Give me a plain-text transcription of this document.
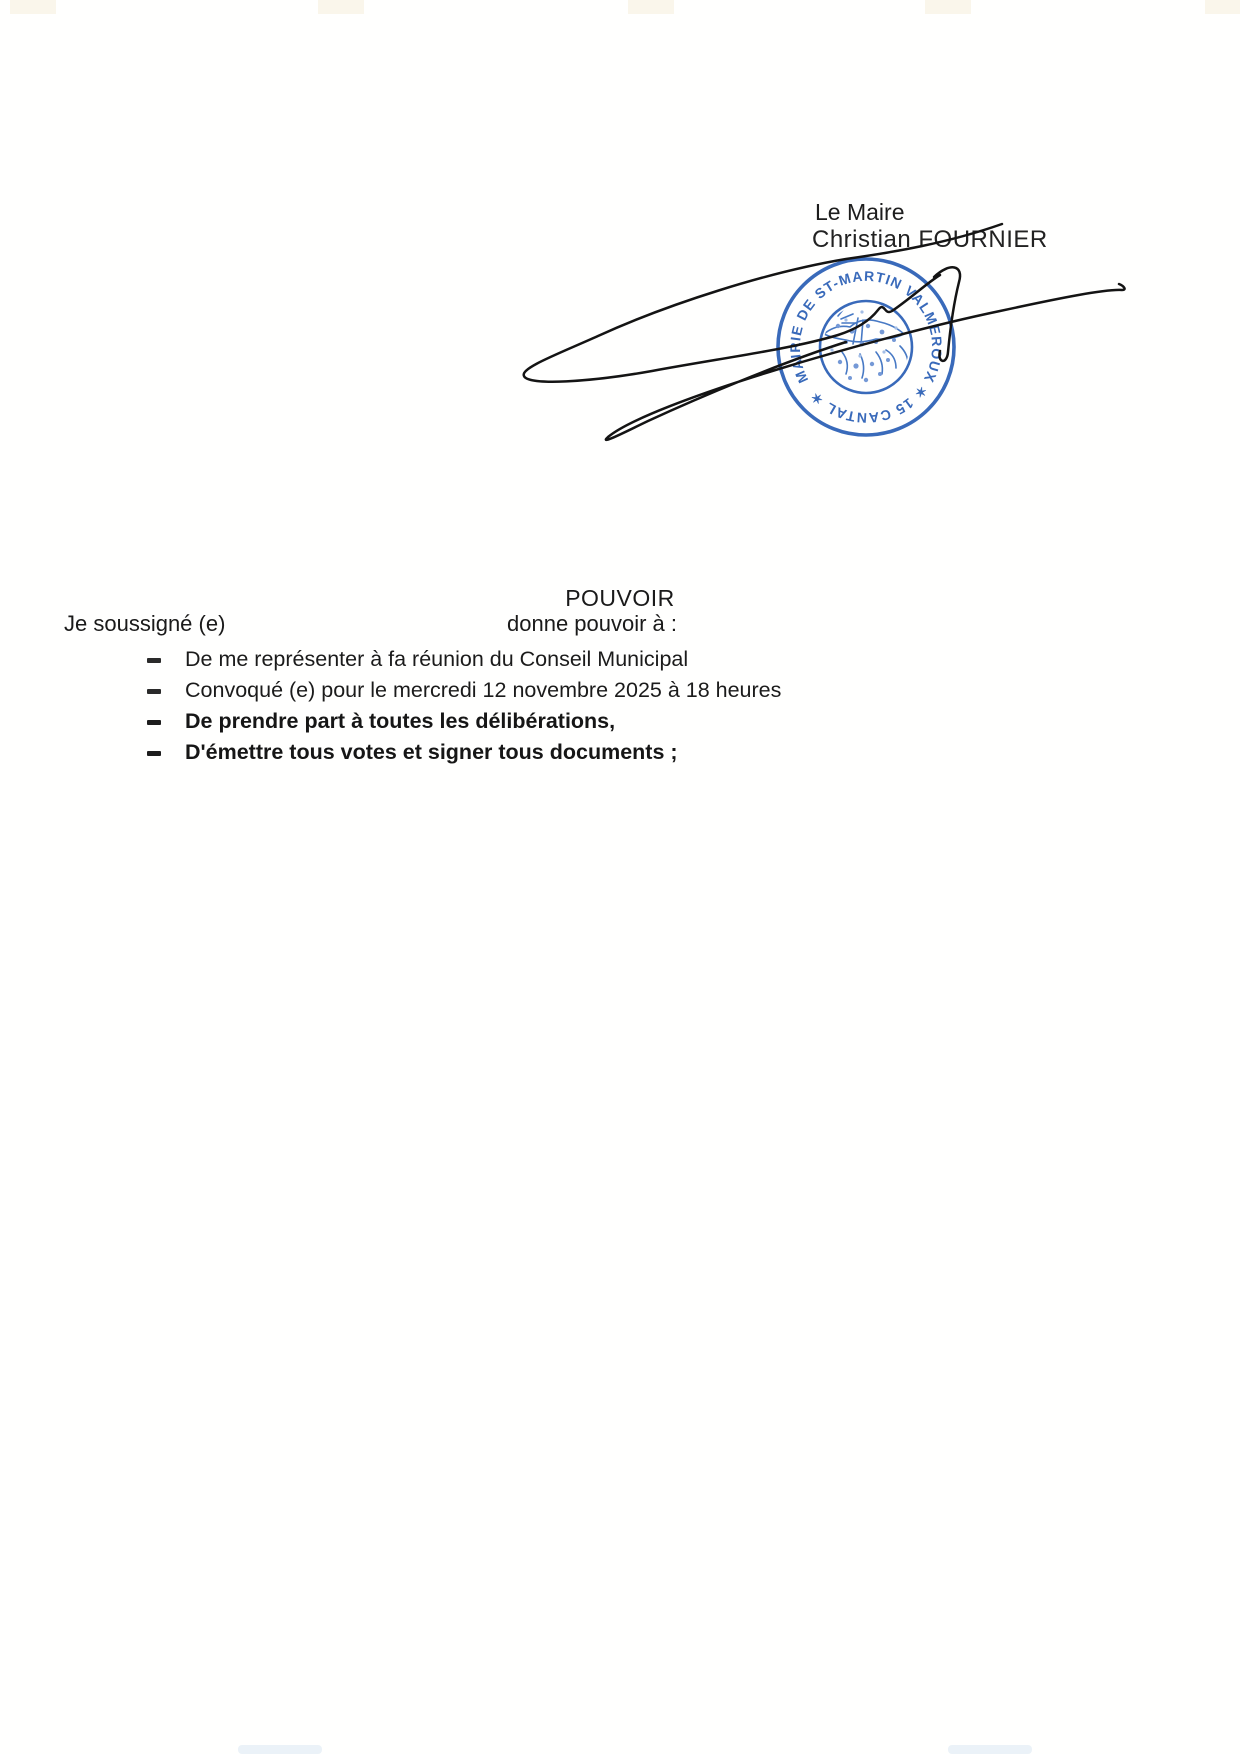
Le Maire
Christian FOURNIER
MAIRIE DE ST-MARTIN VALMEROUX ✶ 15 CANTAL ✶
POUVOIR
Je soussigné (e)	donne pouvoir à :
De me représenter à fa réunion du Conseil Municipal
Convoqué (e) pour le mercredi 12 novembre 2025 à 18 heures
De prendre part à toutes les délibérations,
D'émettre tous votes et signer tous documents ;
